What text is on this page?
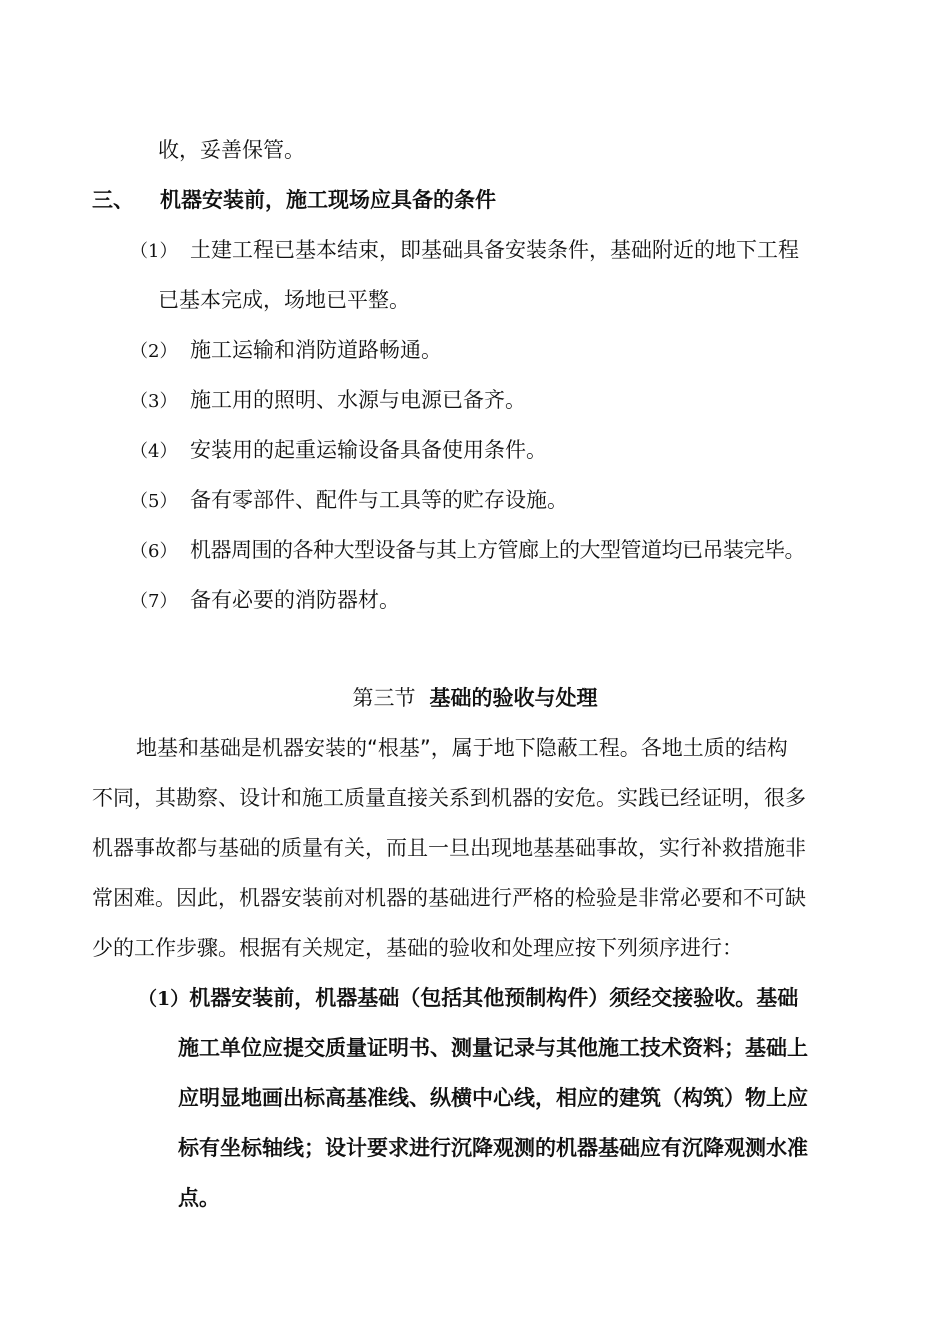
收，妥善保管。
三、 机器安装前，施工现场应具备的条件
（1） 土建工程已基本结束，即基础具备安装条件，基础附近的地下工程
已基本完成，场地已平整。
（2） 施工运输和消防道路畅通。
（3） 施工用的照明、水源与电源已备齐。
（4） 安装用的起重运输设备具备使用条件。
（5） 备有零部件、配件与工具等的贮存设施。
（6） 机器周围的各种大型设备与其上方管廊上的大型管道均已吊装完毕。
（7） 备有必要的消防器材。
第三节 基础的验收与处理
地基和基础是机器安装的“根基”，属于地下隐蔽工程。各地土质的结构
不同，其勘察、设计和施工质量直接关系到机器的安危。实践已经证明，很多
机器事故都与基础的质量有关，而且一旦出现地基基础事故，实行补救措施非
常困难。因此，机器安装前对机器的基础进行严格的检验是非常必要和不可缺
少的工作步骤。根据有关规定，基础的验收和处理应按下列须序进行：
（1）机器安装前，机器基础（包括其他预制构件）须经交接验收。基础
施工单位应提交质量证明书、测量记录与其他施工技术资料；基础上
应明显地画出标高基准线、纵横中心线，相应的建筑（构筑）物上应
标有坐标轴线；设计要求进行沉降观测的机器基础应有沉降观测水准
点。
